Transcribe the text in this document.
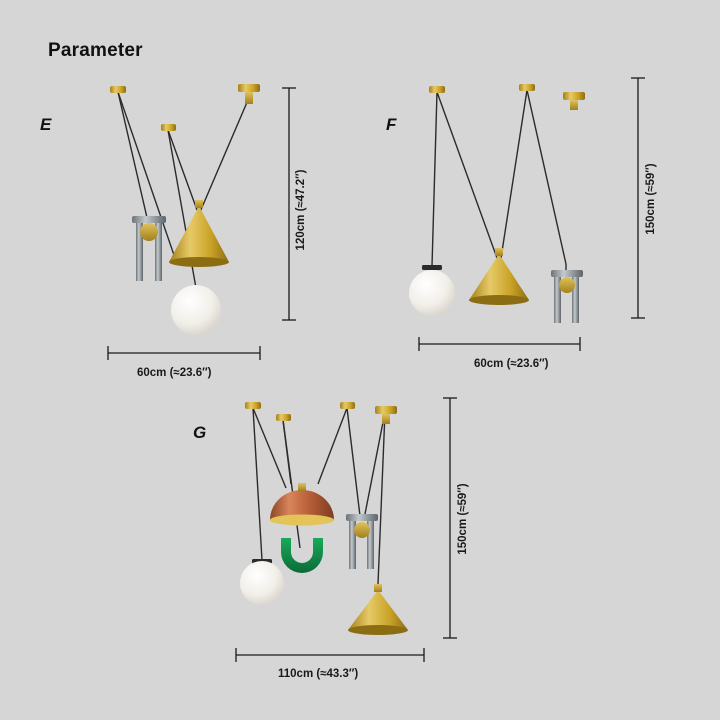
Parameter
E	F
G
60cm (≈23.6″)
120cm (≈47.2″)
60cm (≈23.6″)
150cm (≈59″)
110cm (≈43.3″)
150cm (≈59″)
